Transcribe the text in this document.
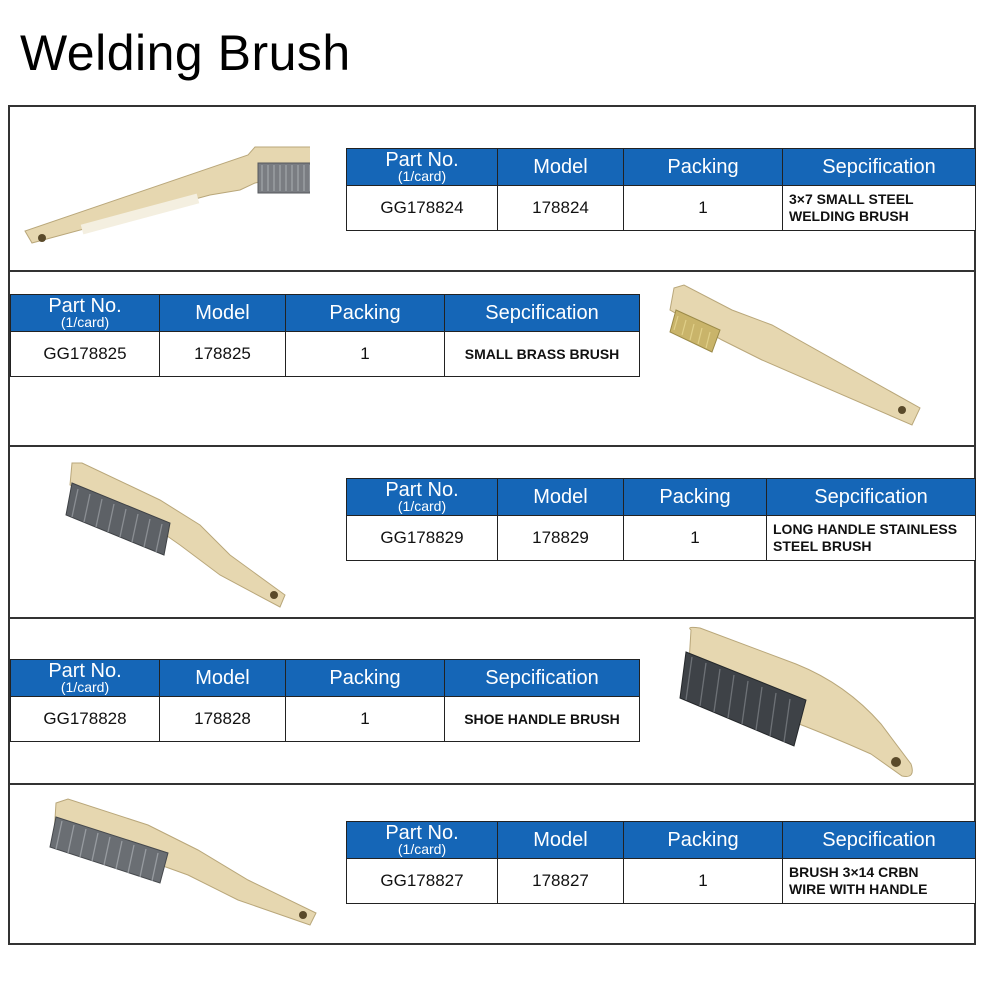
Welding Brush
Part No.
(1/card)	Model	Packing	Sepcification
GG178824	178824	1	3×7 SMALL STEEL
WELDING BRUSH
Part No.
(1/card)	Model	Packing	Sepcification
GG178825	178825	1	SMALL BRASS BRUSH
Part No.
(1/card)	Model	Packing	Sepcification
GG178829	178829	1	LONG HANDLE STAINLESS
STEEL BRUSH
Part No.
(1/card)	Model	Packing	Sepcification
GG178828	178828	1	SHOE HANDLE BRUSH
Part No.
(1/card)	Model	Packing	Sepcification
GG178827	178827	1	BRUSH 3×14 CRBN
WIRE WITH HANDLE
